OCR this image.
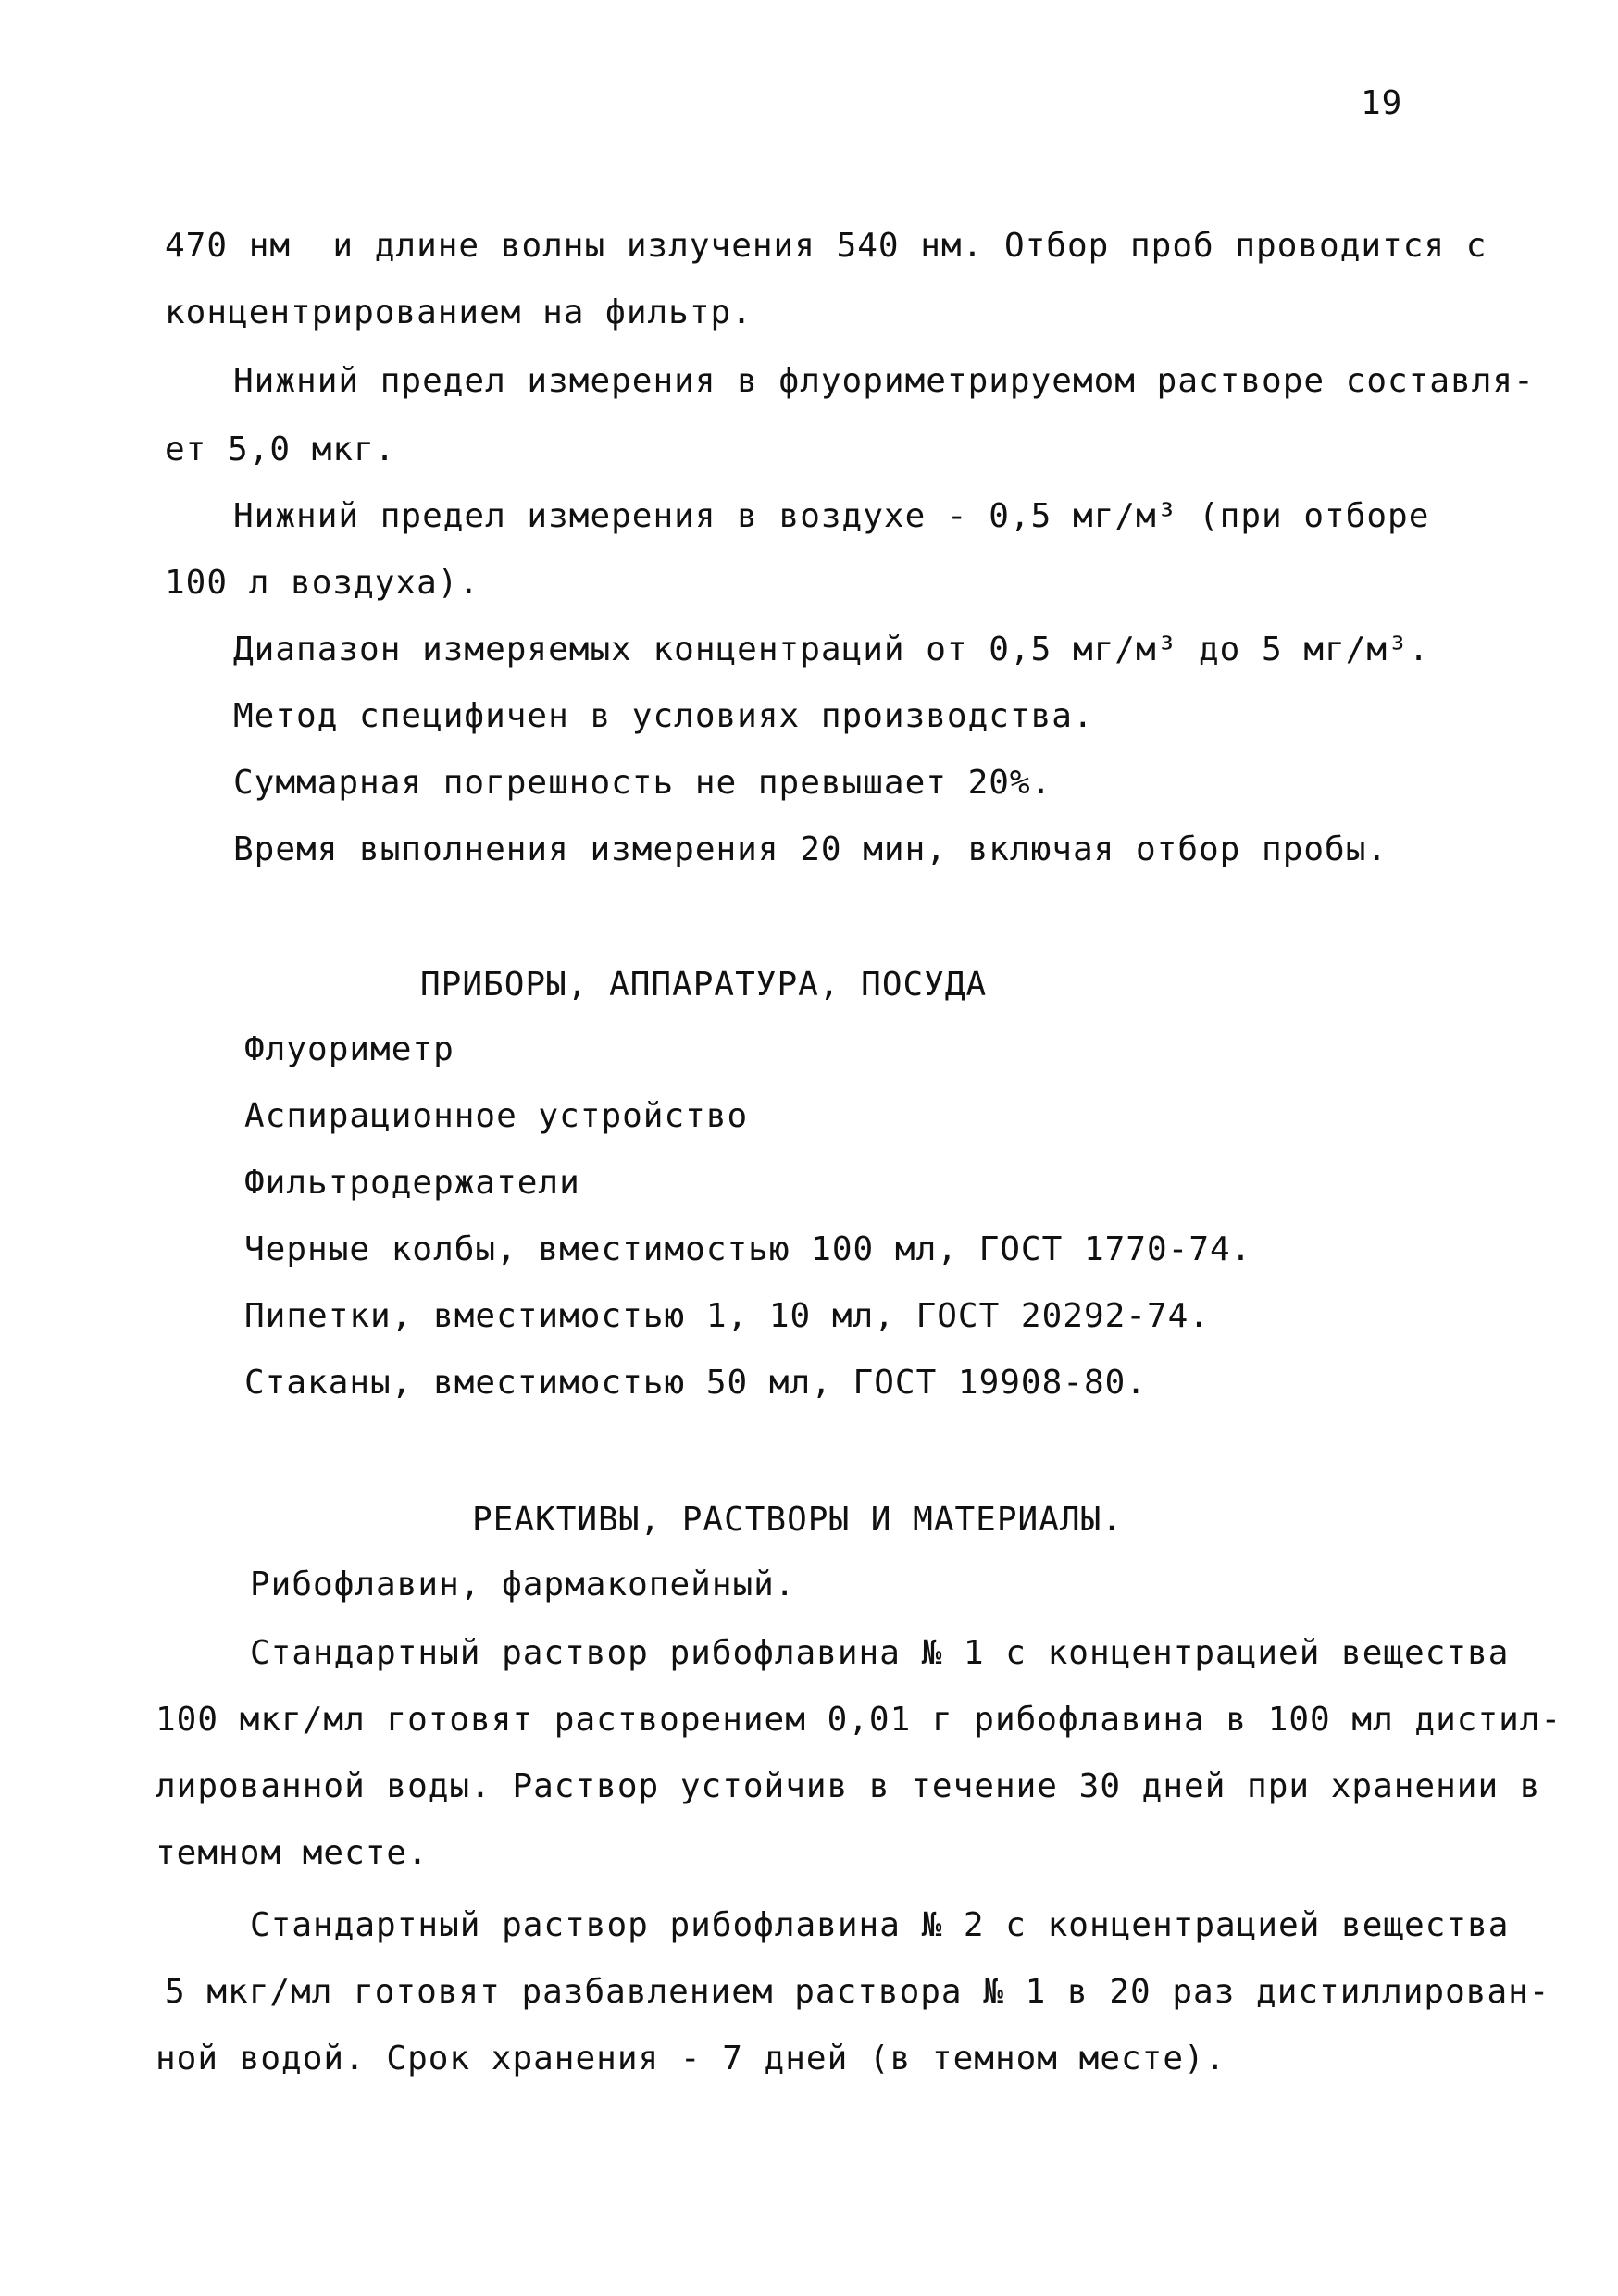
19
470 нм  и длине волны излучения 540 нм. Отбор проб проводится с
концентрированием на фильтр.
Нижний предел измерения в флуориметрируемом растворе составля-
ет 5,0 мкг.
Нижний предел измерения в воздухе - 0,5 мг/м³ (при отборе
100 л воздуха).
Диапазон измеряемых концентраций от 0,5 мг/м³ до 5 мг/м³.
Метод специфичен в условиях производства.
Суммарная погрешность не превышает 20%.
Время выполнения измерения 20 мин, включая отбор пробы.
ПРИБОРЫ, АППАРАТУРА, ПОСУДА
Флуориметр
Аспирационное устройство
Фильтродержатели
Черные колбы, вместимостью 100 мл, ГОСТ 1770-74.
Пипетки, вместимостью 1, 10 мл, ГОСТ 20292-74.
Стаканы, вместимостью 50 мл, ГОСТ 19908-80.
РЕАКТИВЫ, РАСТВОРЫ И МАТЕРИАЛЫ.
Рибофлавин, фармакопейный.
Стандартный раствор рибофлавина № 1 с концентрацией вещества
100 мкг/мл готовят растворением 0,01 г рибофлавина в 100 мл дистил-
лированной воды. Раствор устойчив в течение 30 дней при хранении в
темном месте.
Стандартный раствор рибофлавина № 2 с концентрацией вещества
5 мкг/мл готовят разбавлением раствора № 1 в 20 раз дистиллирован-
ной водой. Срок хранения - 7 дней (в темном месте).
